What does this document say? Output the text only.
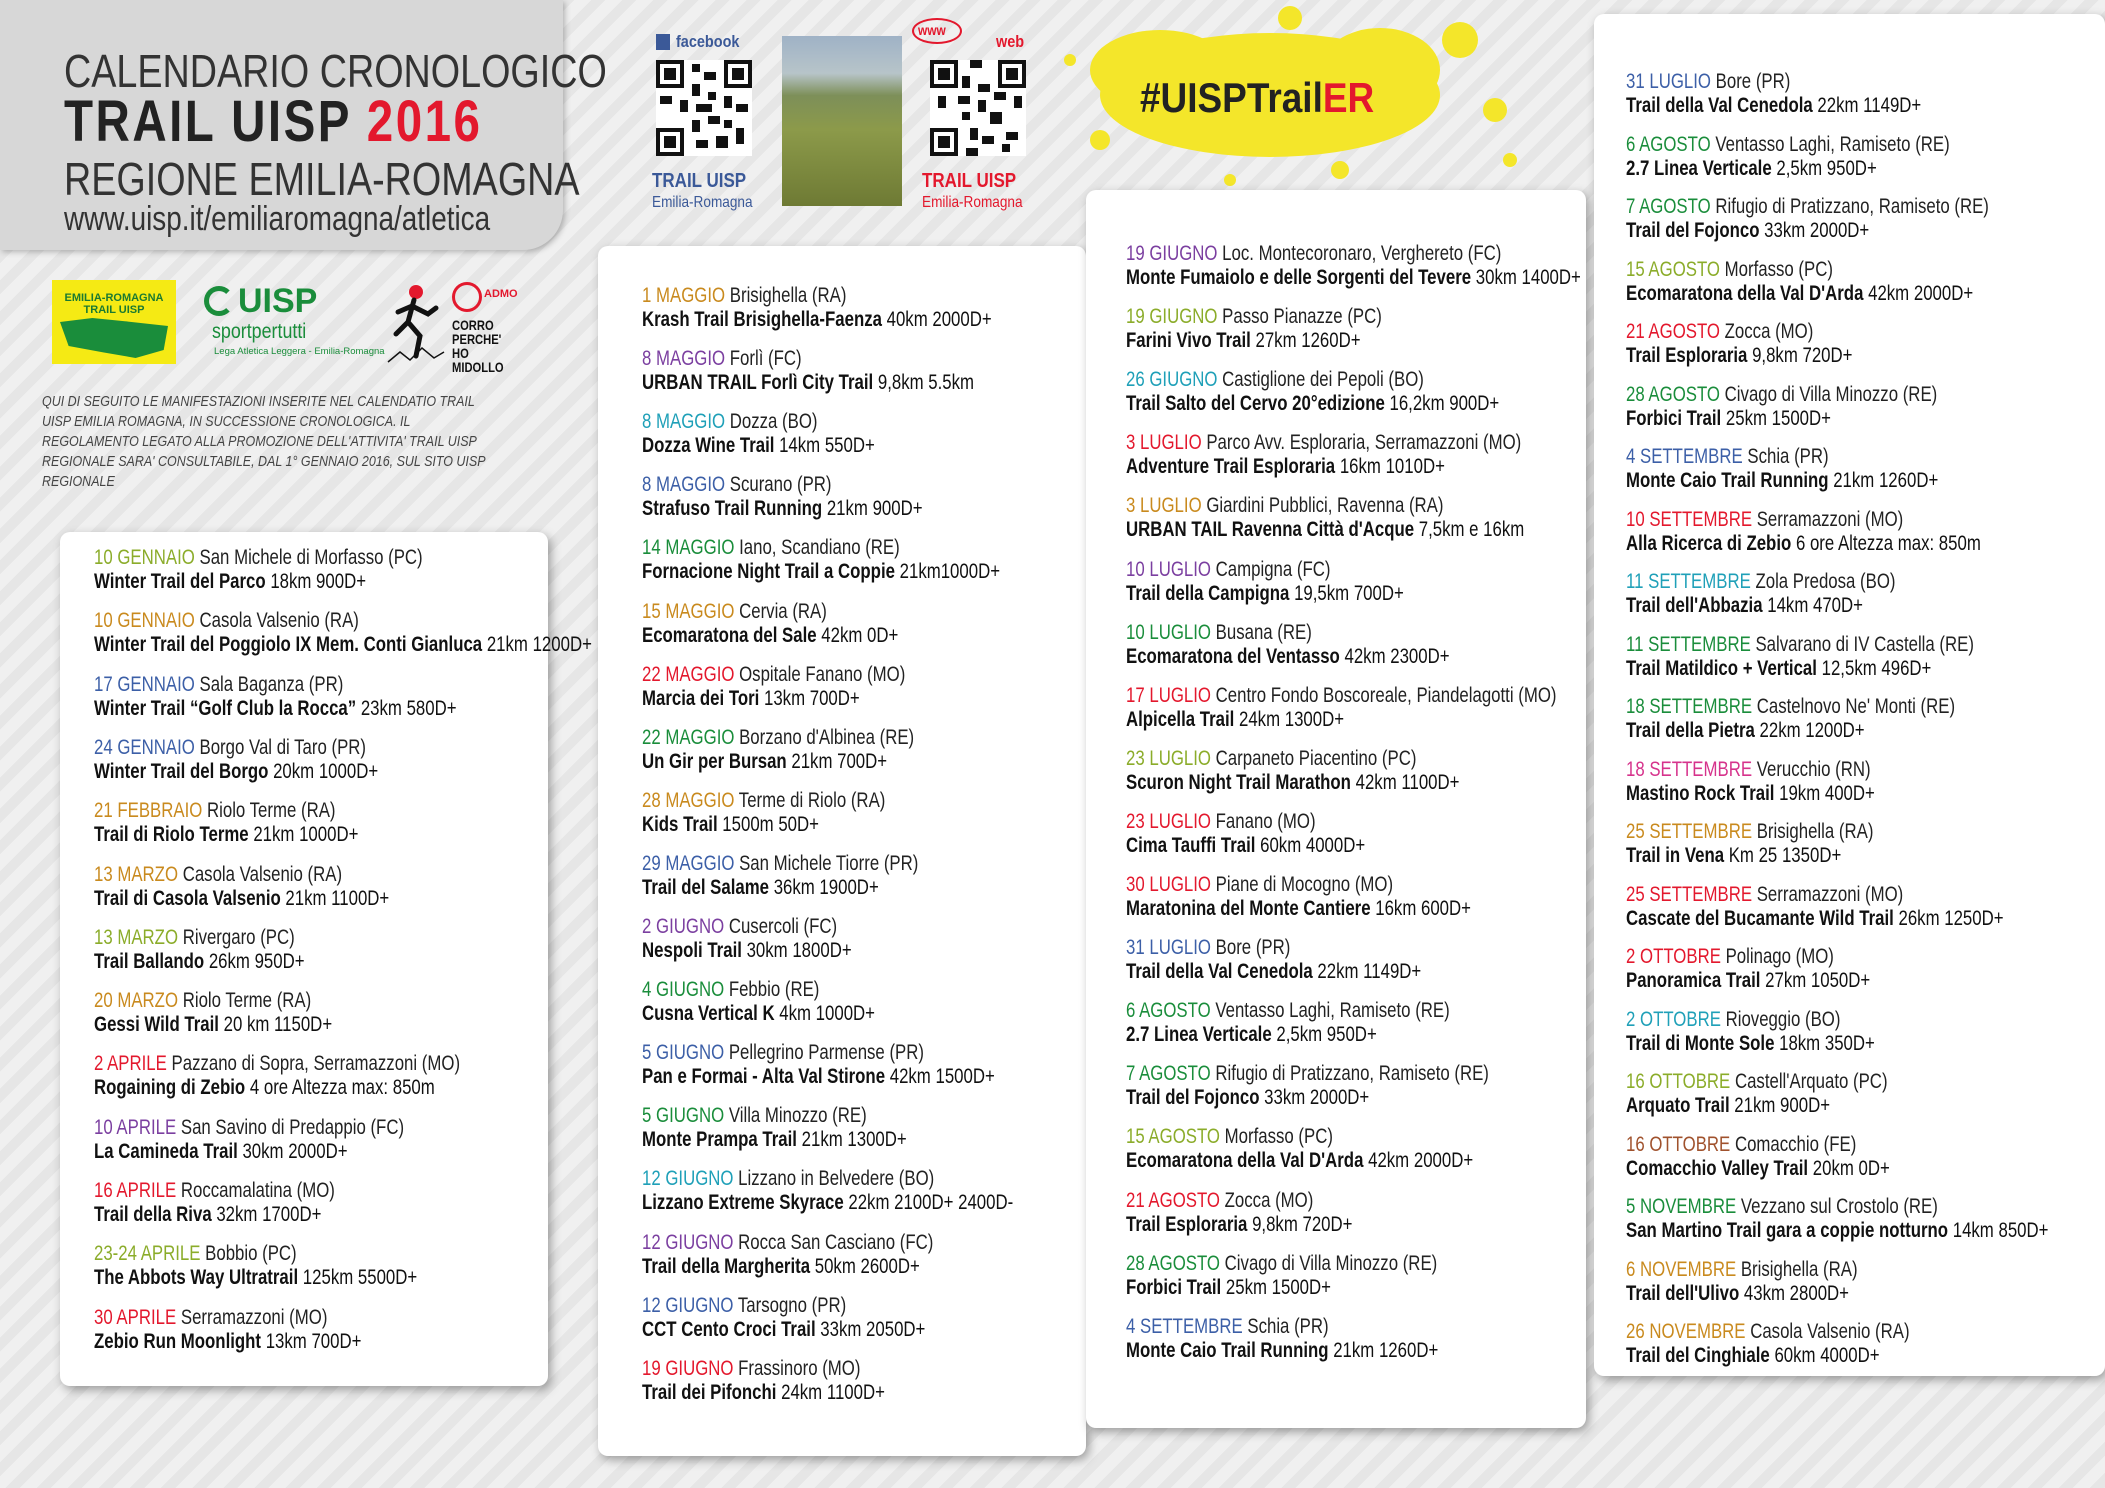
CALENDARIO CRONOLOGICO
TRAIL UISP 2016
REGIONE EMILIA-ROMAGNA
www.uisp.it/emiliaromagna/atletica
EMILIA-ROMAGNA TRAIL UISP	UISP
sportpertutti
Lega Atletica Leggera - Emilia-Romagna
ADMO
CORRO PERCHE' HO MIDOLLO
QUI DI SEGUITO LE MANIFESTAZIONI INSERITE NEL CALENDATIO TRAIL UISP EMILIA ROMAGNA, IN SUCCESSIONE CRONOLOGICA. IL REGOLAMENTO LEGATO ALLA PROMOZIONE DELL'ATTIVITA' TRAIL UISP REGIONALE SARA' CONSULTABILE, DAL 1° GENNAIO 2016, SUL SITO UISP REGIONALE
facebook
TRAIL UISP
Emilia-Romagna
www
web
TRAIL UISP
Emilia-Romagna
#UISPTrailER
10 GENNAIO San Michele di Morfasso (PC)
Winter Trail del Parco 18km 900D+
10 GENNAIO Casola Valsenio (RA)
Winter Trail del Poggiolo IX Mem. Conti Gianluca 21km 1200D+
17 GENNAIO Sala Baganza (PR)
Winter Trail “Golf Club la Rocca” 23km 580D+
24 GENNAIO Borgo Val di Taro (PR)
Winter Trail del Borgo 20km 1000D+
21 FEBBRAIO Riolo Terme (RA)
Trail di Riolo Terme 21km 1000D+
13 MARZO Casola Valsenio (RA)
Trail di Casola Valsenio 21km 1100D+
13 MARZO Rivergaro (PC)
Trail Ballando 26km 950D+
20 MARZO Riolo Terme (RA)
Gessi Wild Trail 20 km 1150D+
2 APRILE Pazzano di Sopra, Serramazzoni (MO)
Rogaining di Zebio 4 ore Altezza max: 850m
10 APRILE San Savino di Predappio (FC)
La Camineda Trail 30km 2000D+
16 APRILE Roccamalatina (MO)
Trail della Riva 32km 1700D+
23-24 APRILE Bobbio (PC)
The Abbots Way Ultratrail 125km 5500D+
30 APRILE Serramazzoni (MO)
Zebio Run Moonlight 13km 700D+
1 MAGGIO Brisighella (RA)
Krash Trail Brisighella-Faenza 40km 2000D+
8 MAGGIO Forlì (FC)
URBAN TRAIL Forlì City Trail 9,8km 5.5km
8 MAGGIO Dozza (BO)
Dozza Wine Trail 14km 550D+
8 MAGGIO Scurano (PR)
Strafuso Trail Running 21km 900D+
14 MAGGIO Iano, Scandiano (RE)
Fornacione Night Trail a Coppie 21km1000D+
15 MAGGIO Cervia (RA)
Ecomaratona del Sale 42km 0D+
22 MAGGIO Ospitale Fanano (MO)
Marcia dei Tori 13km 700D+
22 MAGGIO Borzano d'Albinea (RE)
Un Gir per Bursan 21km 700D+
28 MAGGIO Terme di Riolo (RA)
Kids Trail 1500m 50D+
29 MAGGIO San Michele Tiorre (PR)
Trail del Salame 36km 1900D+
2 GIUGNO Cusercoli (FC)
Nespoli Trail 30km 1800D+
4 GIUGNO Febbio (RE)
Cusna Vertical K 4km 1000D+
5 GIUGNO Pellegrino Parmense (PR)
Pan e Formai - Alta Val Stirone 42km 1500D+
5 GIUGNO Villa Minozzo (RE)
Monte Prampa Trail 21km 1300D+
12 GIUGNO Lizzano in Belvedere (BO)
Lizzano Extreme Skyrace 22km 2100D+ 2400D-
12 GIUGNO Rocca San Casciano (FC)
Trail della Margherita 50km 2600D+
12 GIUGNO Tarsogno (PR)
CCT Cento Croci Trail 33km 2050D+
19 GIUGNO Frassinoro (MO)
Trail dei Pifonchi 24km 1100D+
19 GIUGNO Loc. Montecoronaro, Verghereto (FC)
Monte Fumaiolo e delle Sorgenti del Tevere 30km 1400D+
19 GIUGNO Passo Pianazze (PC)
Farini Vivo Trail 27km 1260D+
26 GIUGNO Castiglione dei Pepoli (BO)
Trail Salto del Cervo 20°edizione 16,2km 900D+
3 LUGLIO Parco Avv. Esploraria, Serramazzoni (MO)
Adventure Trail Esploraria 16km 1010D+
3 LUGLIO Giardini Pubblici, Ravenna (RA)
URBAN TAIL Ravenna Città d'Acque 7,5km e 16km
10 LUGLIO Campigna (FC)
Trail della Campigna 19,5km 700D+
10 LUGLIO Busana (RE)
Ecomaratona del Ventasso 42km 2300D+
17 LUGLIO Centro Fondo Boscoreale, Piandelagotti (MO)
Alpicella Trail 24km 1300D+
23 LUGLIO Carpaneto Piacentino (PC)
Scuron Night Trail Marathon 42km 1100D+
23 LUGLIO Fanano (MO)
Cima Tauffi Trail 60km 4000D+
30 LUGLIO Piane di Mocogno (MO)
Maratonina del Monte Cantiere 16km 600D+
31 LUGLIO Bore (PR)
Trail della Val Cenedola 22km 1149D+
6 AGOSTO Ventasso Laghi, Ramiseto (RE)
2.7 Linea Verticale 2,5km 950D+
7 AGOSTO Rifugio di Pratizzano, Ramiseto (RE)
Trail del Fojonco 33km 2000D+
15 AGOSTO Morfasso (PC)
Ecomaratona della Val D'Arda 42km 2000D+
21 AGOSTO Zocca (MO)
Trail Esploraria 9,8km 720D+
28 AGOSTO Civago di Villa Minozzo (RE)
Forbici Trail 25km 1500D+
4 SETTEMBRE Schia (PR)
Monte Caio Trail Running 21km 1260D+
31 LUGLIO Bore (PR)
Trail della Val Cenedola 22km 1149D+
6 AGOSTO Ventasso Laghi, Ramiseto (RE)
2.7 Linea Verticale 2,5km 950D+
7 AGOSTO Rifugio di Pratizzano, Ramiseto (RE)
Trail del Fojonco 33km 2000D+
15 AGOSTO Morfasso (PC)
Ecomaratona della Val D'Arda 42km 2000D+
21 AGOSTO Zocca (MO)
Trail Esploraria 9,8km 720D+
28 AGOSTO Civago di Villa Minozzo (RE)
Forbici Trail 25km 1500D+
4 SETTEMBRE Schia (PR)
Monte Caio Trail Running 21km 1260D+
10 SETTEMBRE Serramazzoni (MO)
Alla Ricerca di Zebio 6 ore Altezza max: 850m
11 SETTEMBRE Zola Predosa (BO)
Trail dell'Abbazia 14km 470D+
11 SETTEMBRE Salvarano di IV Castella (RE)
Trail Matildico + Vertical 12,5km 496D+
18 SETTEMBRE Castelnovo Ne' Monti (RE)
Trail della Pietra 22km 1200D+
18 SETTEMBRE Verucchio (RN)
Mastino Rock Trail 19km 400D+
25 SETTEMBRE Brisighella (RA)
Trail in Vena Km 25 1350D+
25 SETTEMBRE Serramazzoni (MO)
Cascate del Bucamante Wild Trail 26km 1250D+
2 OTTOBRE Polinago (MO)
Panoramica Trail 27km 1050D+
2 OTTOBRE Rioveggio (BO)
Trail di Monte Sole 18km 350D+
16 OTTOBRE Castell'Arquato (PC)
Arquato Trail 21km 900D+
16 OTTOBRE Comacchio (FE)
Comacchio Valley Trail 20km 0D+
5 NOVEMBRE Vezzano sul Crostolo (RE)
San Martino Trail gara a coppie notturno 14km 850D+
6 NOVEMBRE Brisighella (RA)
Trail dell'Ulivo 43km 2800D+
26 NOVEMBRE Casola Valsenio (RA)
Trail del Cinghiale 60km 4000D+
